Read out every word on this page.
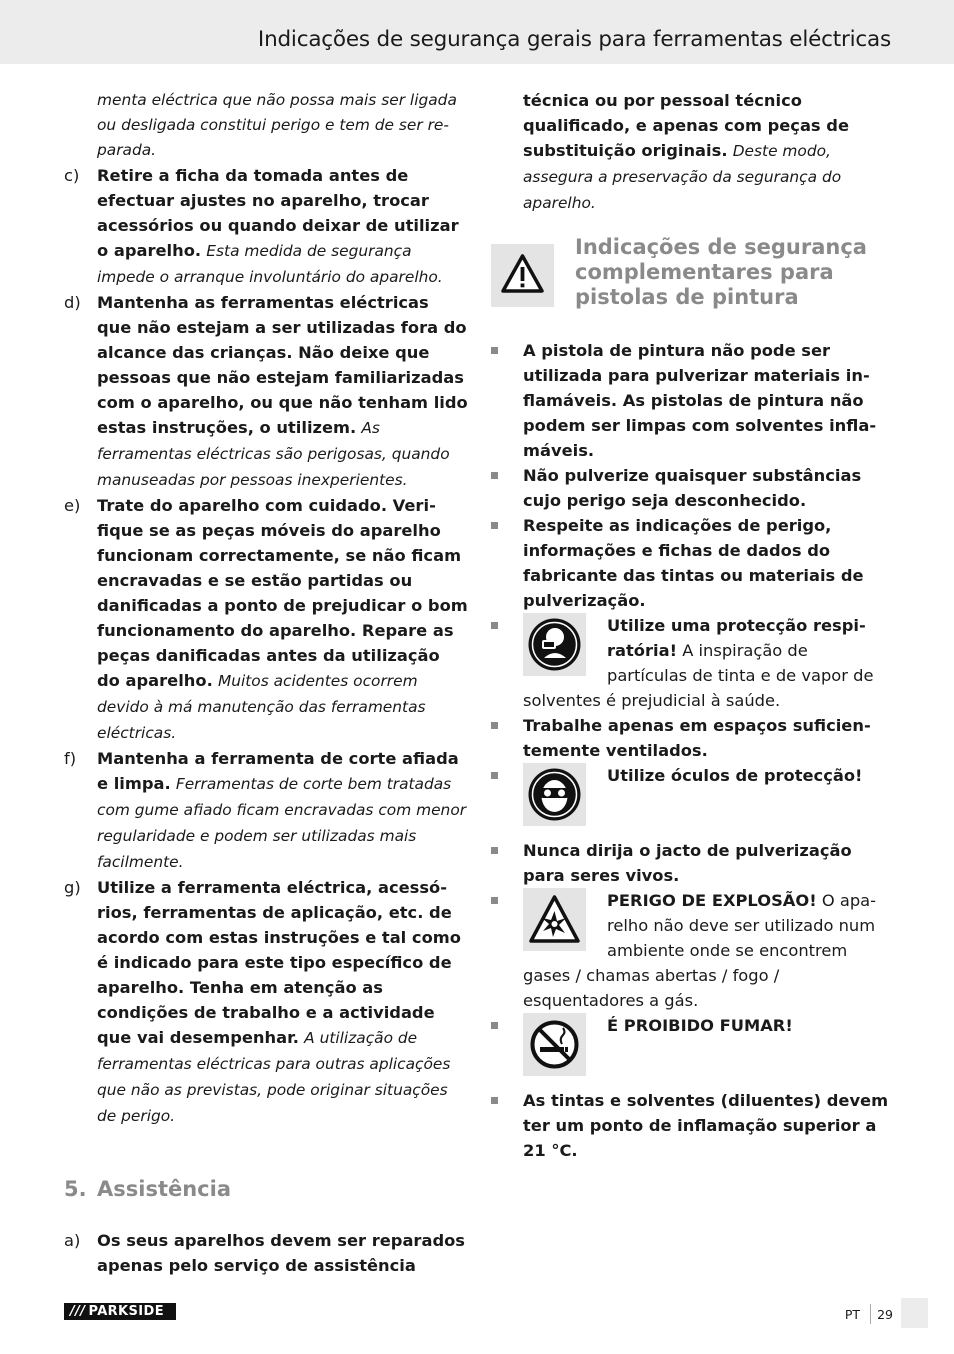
Indicações de segurança gerais para ferramentas eléctricas

menta eléctrica que não possa mais ser ligada ou desligada constitui perigo e tem de ser reparada.

c) Retire a ficha da tomada antes de efectuar ajustes no aparelho, trocar acessórios ou quando deixar de utilizar o aparelho. Esta medida de segurança impede o arranque involuntário do aparelho.
d) Mantenha as ferramentas eléctricas que não estejam a ser utilizadas fora do alcance das crianças. Não deixe que pessoas que não estejam familiarizadas com o aparelho, ou que não tenham lido estas instruções, o utilizem. As ferramentas eléctricas são perigosas, quando manuseadas por pessoas inexperientes.
e) Trate do aparelho com cuidado. Verifique se as peças móveis do aparelho funcionam correctamente, se não ficam encravadas e se estão partidas ou danificadas a ponto de prejudicar o bom funcionamento do aparelho. Repare as peças danificadas antes da utilização do aparelho. Muitos acidentes ocorrem devido à má manutenção das ferramentas eléctricas.
f) Mantenha a ferramenta de corte afiada e limpa. Ferramentas de corte bem tratadas com gume afiado ficam encravadas com menor regularidade e podem ser utilizadas mais facilmente.
g) Utilize a ferramenta eléctrica, acessórios, ferramentas de aplicação, etc. de acordo com estas instruções e tal como é indicado para este tipo específico de aparelho. Tenha em atenção as condições de trabalho e a actividade que vai desempenhar. A utilização de ferramentas eléctricas para outras aplicações que não as previstas, pode originar situações de perigo.

5. Assistência

a) Os seus aparelhos devem ser reparados apenas pelo serviço de assistência

técnica ou por pessoal técnico qualificado, e apenas com peças de substituição originais. Deste modo, assegura a preservação da segurança do aparelho.

Indicações de segurança complementares para pistolas de pintura
A pistola de pintura não pode ser utilizada para pulverizar materiais inflamáveis. As pistolas de pintura não podem ser limpas com solventes inflamáveis.
Não pulverize quaisquer substâncias cujo perigo seja desconhecido.
Respeite as indicações de perigo, informações e fichas de dados do fabricante das tintas ou materiais de pulverização.
Utilize uma protecção respiratória! A inspiração de partículas de tinta e de vapor de solventes é prejudicial à saúde.
Trabalhe apenas em espaços suficientemente ventilados.
Utilize óculos de protecção!
Nunca dirija o jacto de pulverização para seres vivos.
PERIGO DE EXPLOSÃO! O aparelho não deve ser utilizado num ambiente onde se encontrem gases / chamas abertas / fogo / esquentadores a gás.
É PROIBIDO FUMAR!
As tintas e solventes (diluentes) devem ter um ponto de inflamação superior a 21 °C.
/// PARKSIDE	PT 29
